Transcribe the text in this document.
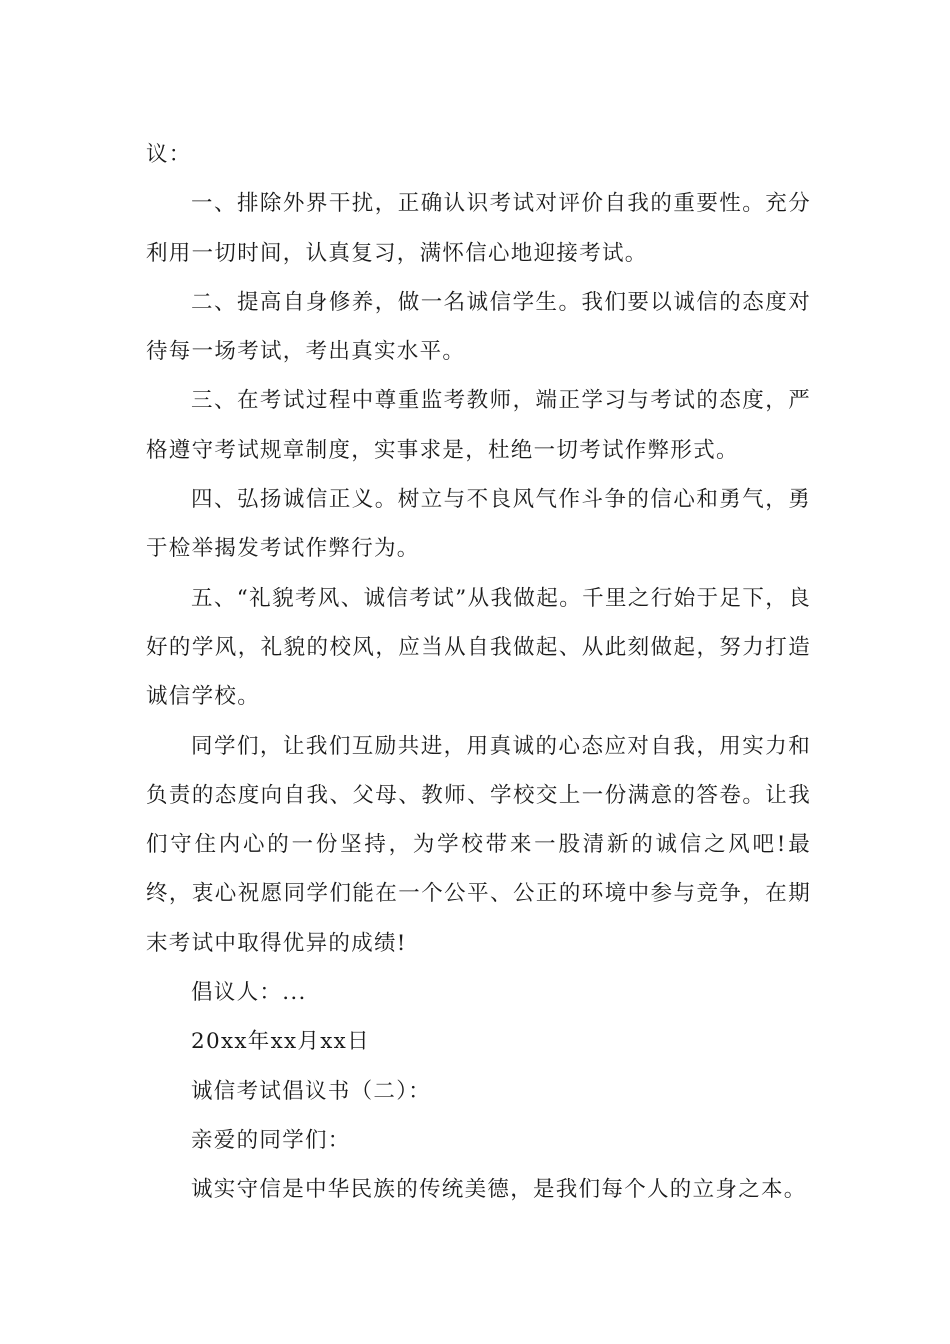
议：

一、排除外界干扰，正确认识考试对评价自我的重要性。充分利用一切时间，认真复习，满怀信心地迎接考试。

二、提高自身修养，做一名诚信学生。我们要以诚信的态度对待每一场考试，考出真实水平。

三、在考试过程中尊重监考教师，端正学习与考试的态度，严格遵守考试规章制度，实事求是，杜绝一切考试作弊形式。

四、弘扬诚信正义。树立与不良风气作斗争的信心和勇气，勇于检举揭发考试作弊行为。

五、“礼貌考风、诚信考试”从我做起。千里之行始于足下，良好的学风，礼貌的校风，应当从自我做起、从此刻做起，努力打造诚信学校。

同学们，让我们互励共进，用真诚的心态应对自我，用实力和负责的态度向自我、父母、教师、学校交上一份满意的答卷。让我们守住内心的一份坚持，为学校带来一股清新的诚信之风吧!最终，衷心祝愿同学们能在一个公平、公正的环境中参与竞争，在期末考试中取得优异的成绩!

倡议人：...

20xx年xx月xx日

诚信考试倡议书（二）：

亲爱的同学们：

诚实守信是中华民族的传统美德，是我们每个人的立身之本。
